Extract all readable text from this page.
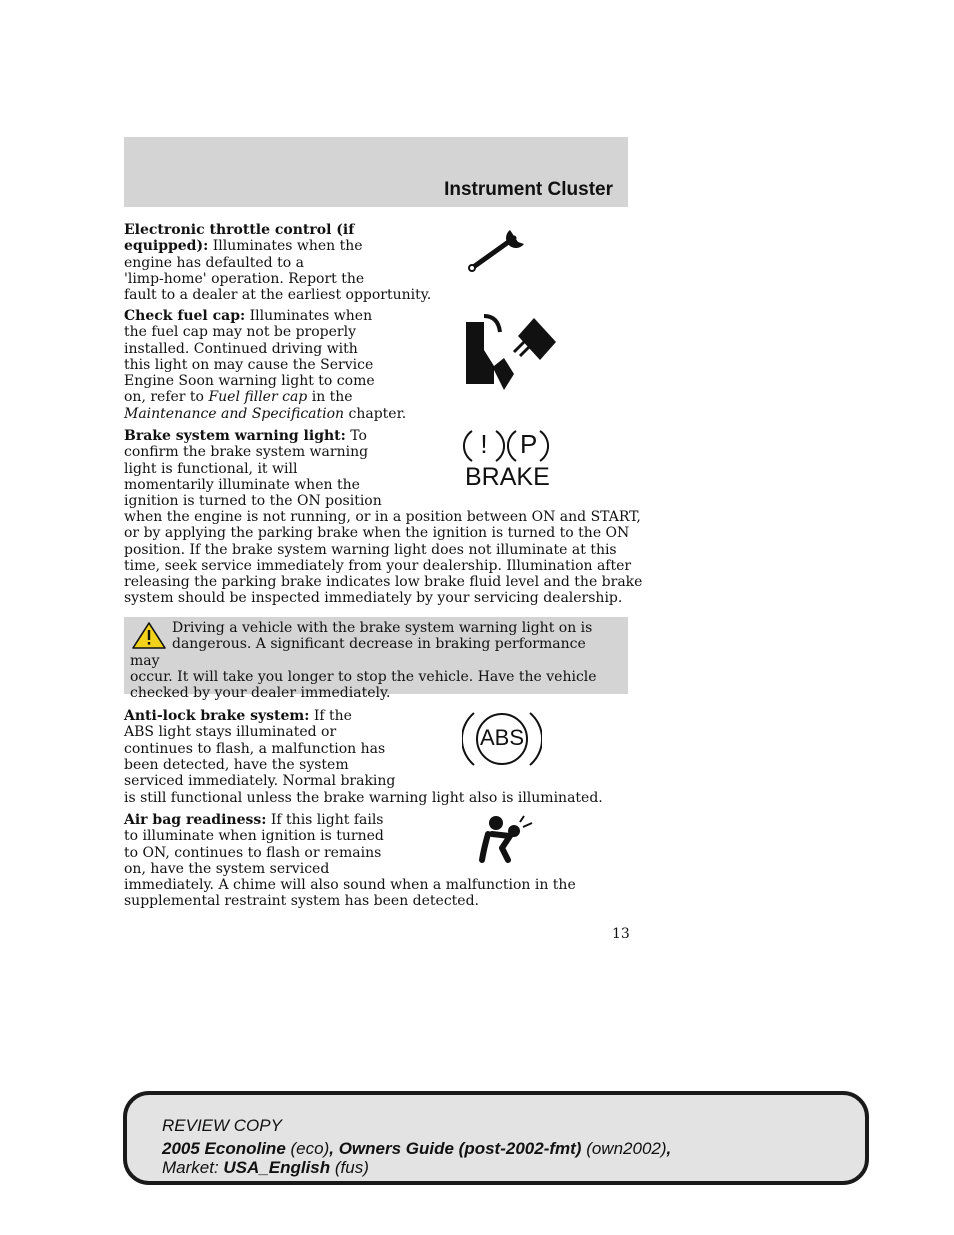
Instrument Cluster
Electronic throttle control (if
equipped): Illuminates when the
engine has defaulted to a
'limp-home' operation. Report the
fault to a dealer at the earliest opportunity.
Check fuel cap: Illuminates when
the fuel cap may not be properly
installed. Continued driving with
this light on may cause the Service
Engine Soon warning light to come
on, refer to Fuel filler cap in the
Maintenance and Specification chapter.
Brake system warning light: To
confirm the brake system warning
light is functional, it will
momentarily illuminate when the
ignition is turned to the ON position
when the engine is not running, or in a position between ON and START,
or by applying the parking brake when the ignition is turned to the ON
position. If the brake system warning light does not illuminate at this
time, seek service immediately from your dealership. Illumination after
releasing the parking brake indicates low brake fluid level and the brake
system should be inspected immediately by your servicing dealership.
! P
BRAKE
Driving a vehicle with the brake system warning light on is
dangerous. A significant decrease in braking performance may
occur. It will take you longer to stop the vehicle. Have the vehicle
checked by your dealer immediately.
Anti-lock brake system: If the
ABS light stays illuminated or
continues to flash, a malfunction has
been detected, have the system
serviced immediately. Normal braking
is still functional unless the brake warning light also is illuminated.
ABS
Air bag readiness: If this light fails
to illuminate when ignition is turned
to ON, continues to flash or remains
on, have the system serviced
immediately. A chime will also sound when a malfunction in the
supplemental restraint system has been detected.
13
REVIEW COPY
2005 Econoline (eco), Owners Guide (post-2002-fmt) (own2002),
Market: USA_English (fus)
